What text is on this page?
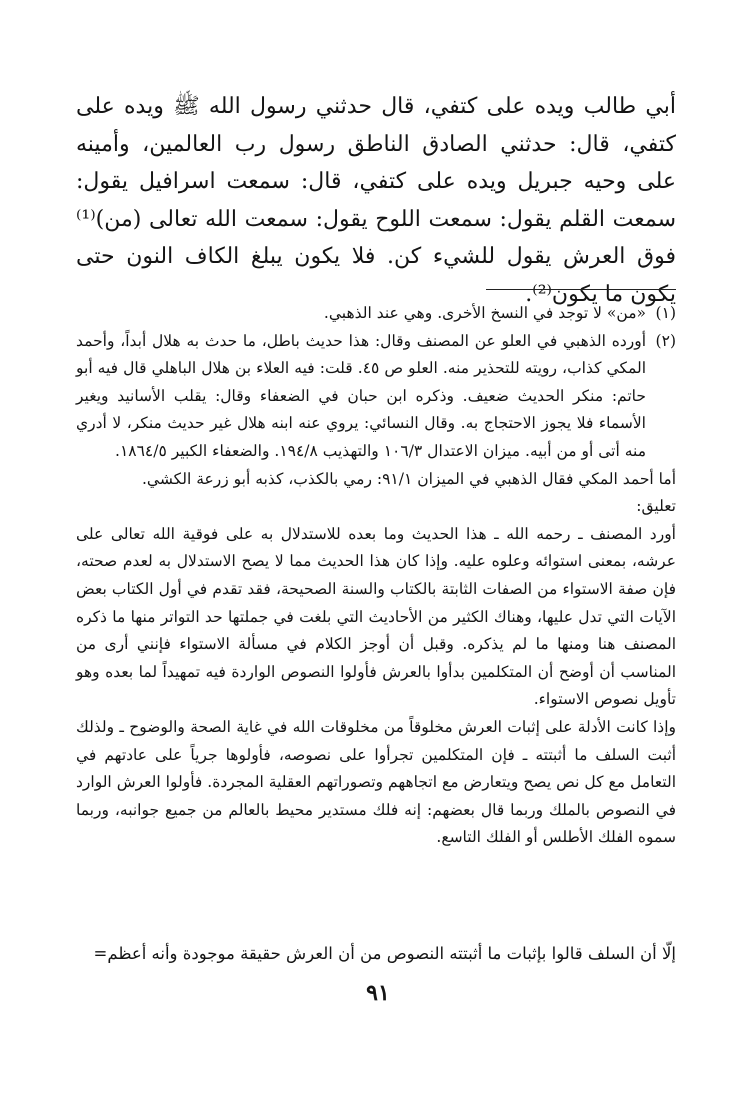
أبي طالب ويده على كتفي، قال حدثني رسول الله ﷺ ويده على كتفي، قال: حدثني الصادق الناطق رسول رب العالمين، وأمينه على وحيه جبريل ويده على كتفي، قال: سمعت اسرافيل يقول: سمعت القلم يقول: سمعت اللوح يقول: سمعت الله تعالى (من)⁽¹⁾ فوق العرش يقول للشيء كن. فلا يكون يبلغ الكاف النون حتى يكون ما يكون⁽²⁾.

(١)

«من» لا توجد في النسخ الأخرى. وهي عند الذهبي.

(٢)

أورده الذهبي في العلو عن المصنف وقال: هذا حديث باطل، ما حدث به هلال أبداً، وأحمد المكي كذاب، رويته للتحذير منه. العلو ص ٤٥. قلت: فيه العلاء بن هلال الباهلي قال فيه أبو حاتم: منكر الحديث ضعيف. وذكره ابن حبان في الضعفاء وقال: يقلب الأسانيد ويغير الأسماء فلا يجوز الاحتجاج به. وقال النسائي: يروي عنه ابنه هلال غير حديث منكر، لا أدري منه أتى أو من أبيه. ميزان الاعتدال ١٠٦/٣ والتهذيب ١٩٤/٨. والضعفاء الكبير ١٨٦٤/٥.

أما أحمد المكي فقال الذهبي في الميزان ٩١/١: رمي بالكذب، كذبه أبو زرعة الكشي.

تعليق:

أورد المصنف ـ رحمه الله ـ هذا الحديث وما بعده للاستدلال به على فوقية الله تعالى على عرشه، بمعنى استوائه وعلوه عليه. وإذا كان هذا الحديث مما لا يصح الاستدلال به لعدم صحته، فإن صفة الاستواء من الصفات الثابتة بالكتاب والسنة الصحيحة، فقد تقدم في أول الكتاب بعض الآيات التي تدل عليها، وهناك الكثير من الأحاديث التي بلغت في جملتها حد التواتر منها ما ذكره المصنف هنا ومنها ما لم يذكره. وقبل أن أوجز الكلام في مسألة الاستواء فإنني أرى من المناسب أن أوضح أن المتكلمين بدأوا بالعرش فأولوا النصوص الواردة فيه تمهيداً لما بعده وهو تأويل نصوص الاستواء.

وإذا كانت الأدلة على إثبات العرش مخلوقاً من مخلوقات الله في غاية الصحة والوضوح ـ ولذلك أثبت السلف ما أثبتته ـ فإن المتكلمين تجرأوا على نصوصه، فأولوها جرياً على عادتهم في التعامل مع كل نص يصح ويتعارض مع اتجاههم وتصوراتهم العقلية المجردة. فأولوا العرش الوارد في النصوص بالملك وربما قال بعضهم: إنه فلك مستدير محيط بالعالم من جميع جوانبه، وربما سموه الفلك الأطلس أو الفلك التاسع.

إلّا أن السلف قالوا بإثبات ما أثبتته النصوص من أن العرش حقيقة موجودة وأنه أعظم=

٩١
